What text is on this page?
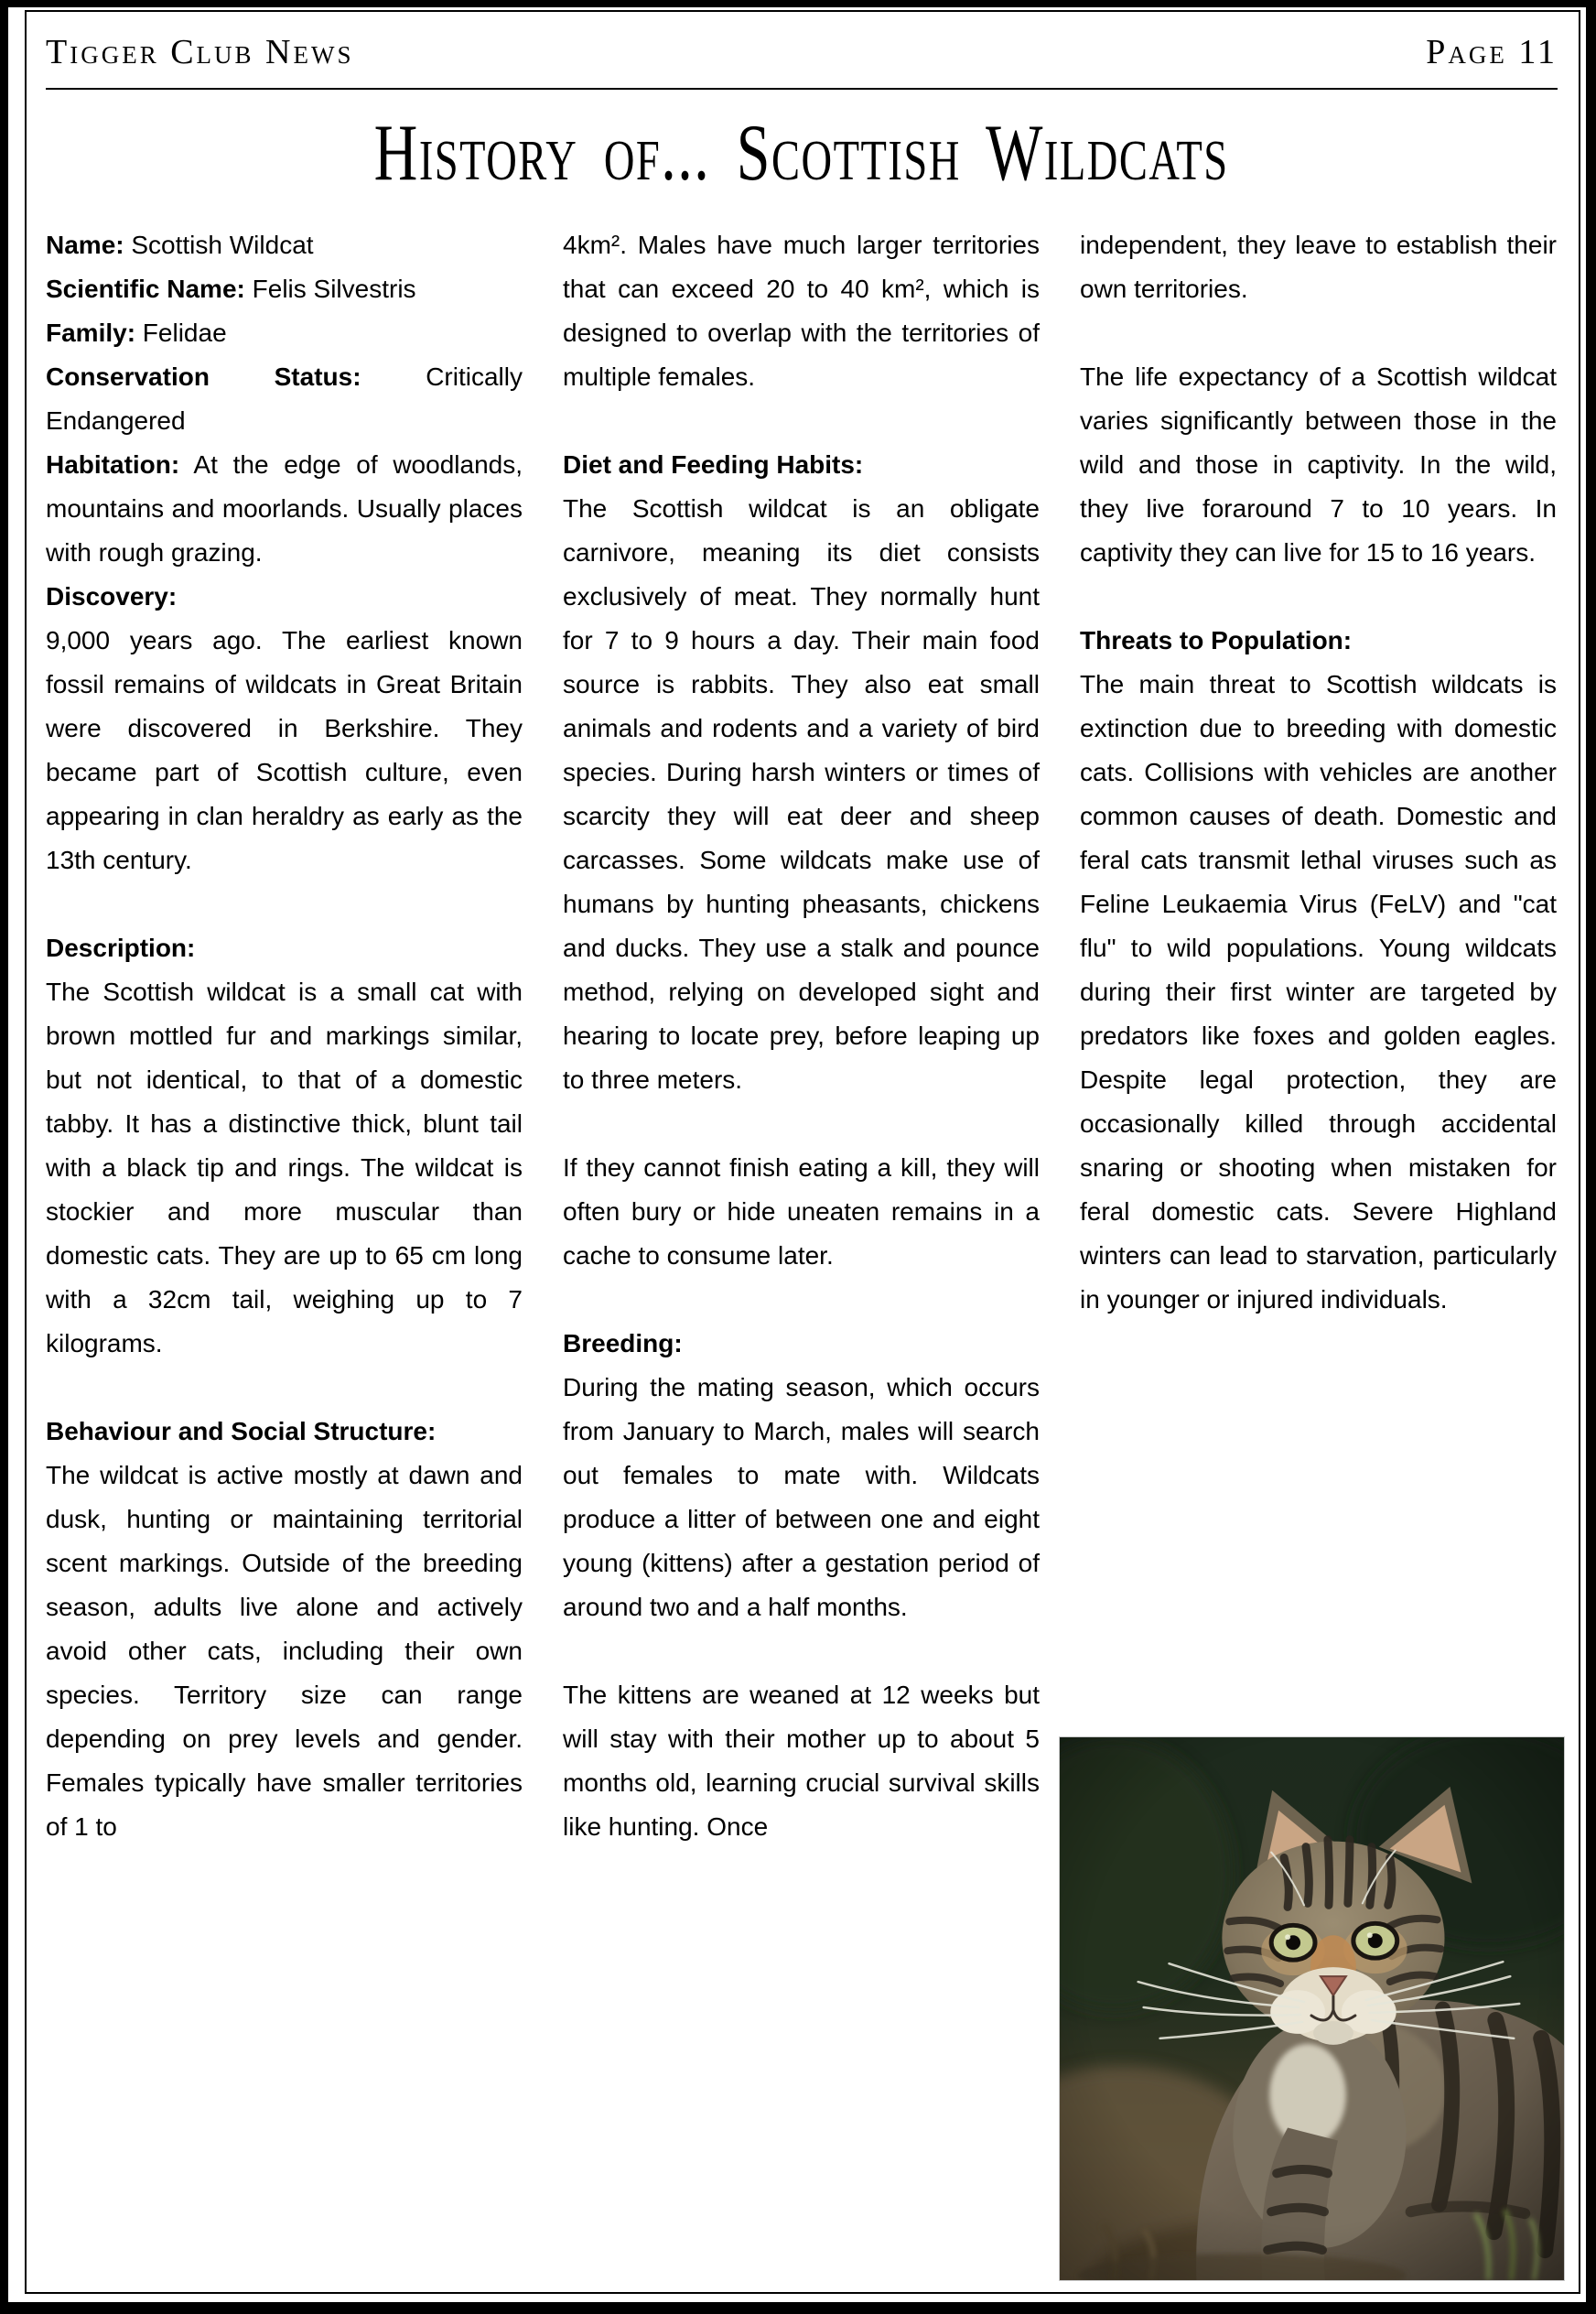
Tigger Club News	Page 11
History of... Scottish Wildcats

Name: Scottish Wildcat

Scientific Name: Felis Silvestris

Family: Felidae

Conservation Status: Critically Endangered

Habitation: At the edge of woodlands, mountains and moorlands. Usually places with rough grazing.

Discovery:

9,000 years ago. The earliest known fossil remains of wildcats in Great Britain were discovered in Berkshire. They became part of Scottish culture, even appearing in clan heraldry as early as the 13th century.

Description:

The Scottish wildcat is a small cat with brown mottled fur and markings similar, but not identical, to that of a domestic tabby. It has a distinctive thick, blunt tail with a black tip and rings. The wildcat is stockier and more muscular than domestic cats. They are up to 65 cm long with a 32cm tail, weighing up to 7 kilograms.

Behaviour and Social Structure:

The wildcat is active mostly at dawn and dusk, hunting or maintaining territorial scent markings. Outside of the breeding season, adults live alone and actively avoid other cats, including their own species. Territory size can range depending on prey levels and gender. Females typically have smaller territories of 1 to

4km². Males have much larger territories that can exceed 20 to 40 km², which is designed to overlap with the territories of multiple females.

Diet and Feeding Habits:

The Scottish wildcat is an obligate carnivore, meaning its diet consists exclusively of meat. They normally hunt for 7 to 9 hours a day. Their main food source is rabbits. They also eat small animals and rodents and a variety of bird species. During harsh winters or times of scarcity they will eat deer and sheep carcasses. Some wildcats make use of humans by hunting pheasants, chickens and ducks. They use a stalk and pounce method, relying on developed sight and hearing to locate prey, before leaping up to three meters.

If they cannot finish eating a kill, they will often bury or hide uneaten remains in a cache to consume later.

Breeding:

During the mating season, which occurs from January to March, males will search out females to mate with. Wildcats produce a litter of between one and eight young (kittens) after a gestation period of around two and a half months.

The kittens are weaned at 12 weeks but will stay with their mother up to about 5 months old, learning crucial survival skills like hunting. Once

independent, they leave to establish their own territories.

The life expectancy of a Scottish wildcat varies significantly between those in the wild and those in captivity. In the wild, they live foraround 7 to 10 years. In captivity they can live for 15 to 16 years.

Threats to Population:

The main threat to Scottish wildcats is extinction due to breeding with domestic cats. Collisions with vehicles are another common causes of death. Domestic and feral cats transmit lethal viruses such as Feline Leukaemia Virus (FeLV) and "cat flu" to wild populations. Young wildcats during their first winter are targeted by predators like foxes and golden eagles. Despite legal protection, they are occasionally killed through accidental snaring or shooting when mistaken for feral domestic cats. Severe Highland winters can lead to starvation, particularly in younger or injured individuals.
